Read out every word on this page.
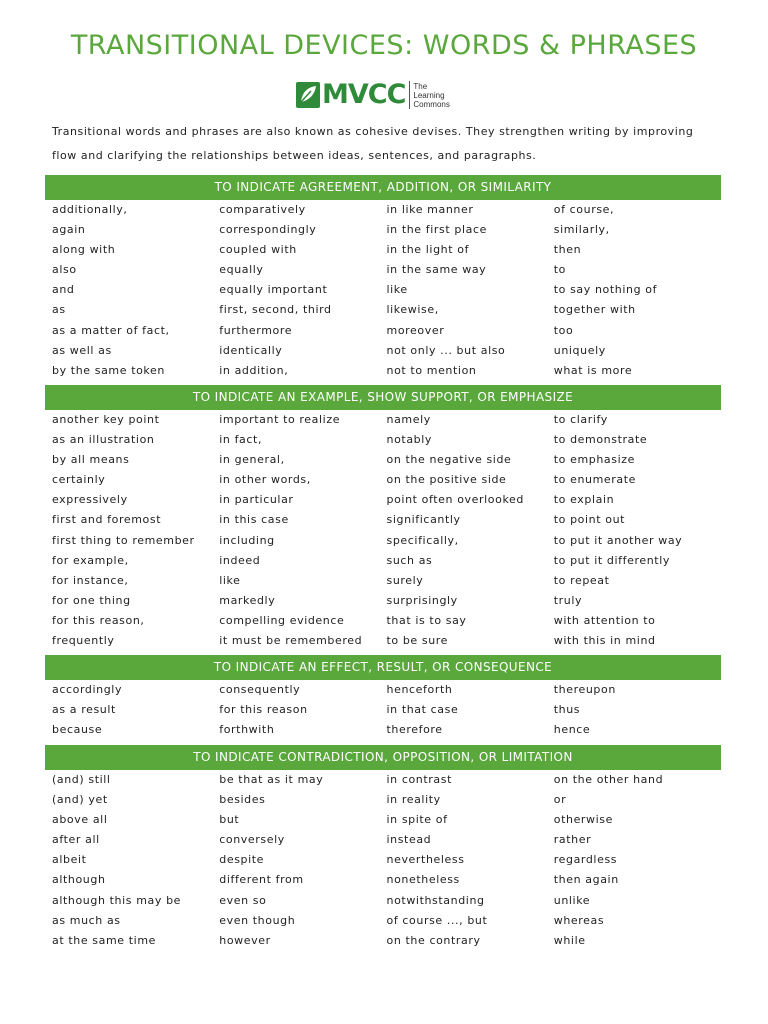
TRANSITIONAL DEVICES: WORDS & PHRASES
MVCC The
Learning
Commons
Transitional words and phrases are also known as cohesive devises. They strengthen writing by improving flow and clarifying the relationships between ideas, sentences, and paragraphs.
TO INDICATE AGREEMENT, ADDITION, OR SIMILARITY
additionally,
again
along with
also
and
as
as a matter of fact,
as well as
by the same token
comparatively
correspondingly
coupled with
equally
equally important
first, second, third
furthermore
identically
in addition,
in like manner
in the first place
in the light of
in the same way
like
likewise,
moreover
not only ... but also
not to mention
of course,
similarly,
then
to
to say nothing of
together with
too
uniquely
what is more
TO INDICATE AN EXAMPLE, SHOW SUPPORT, OR EMPHASIZE
another key point
as an illustration
by all means
certainly
expressively
first and foremost
first thing to remember
for example,
for instance,
for one thing
for this reason,
frequently
important to realize
in fact,
in general,
in other words,
in particular
in this case
including
indeed
like
markedly
compelling evidence
it must be remembered
namely
notably
on the negative side
on the positive side
point often overlooked
significantly
specifically,
such as
surely
surprisingly
that is to say
to be sure
to clarify
to demonstrate
to emphasize
to enumerate
to explain
to point out
to put it another way
to put it differently
to repeat
truly
with attention to
with this in mind
TO INDICATE AN EFFECT, RESULT, OR CONSEQUENCE
accordingly
as a result
because
consequently
for this reason
forthwith
henceforth
in that case
therefore
thereupon
thus
hence
TO INDICATE CONTRADICTION, OPPOSITION, OR LIMITATION
(and) still
(and) yet
above all
after all
albeit
although
although this may be
as much as
at the same time
be that as it may
besides
but
conversely
despite
different from
even so
even though
however
in contrast
in reality
in spite of
instead
nevertheless
nonetheless
notwithstanding
of course ..., but
on the contrary
on the other hand
or
otherwise
rather
regardless
then again
unlike
whereas
while
